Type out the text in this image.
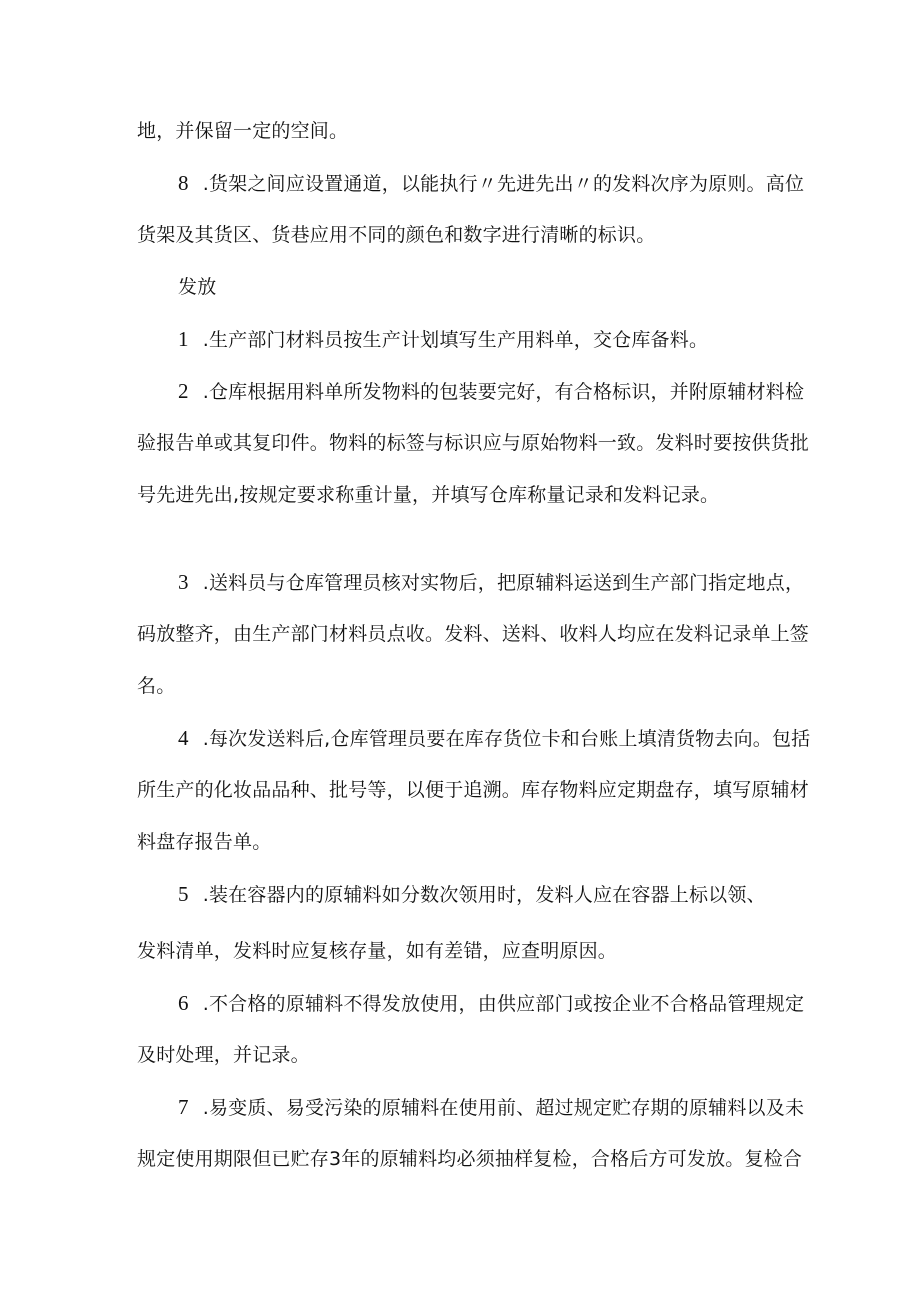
地，并保留一定的空间。
8 .货架之间应设置通道，以能执行〃先进先出〃的发料次序为原则。高位
货架及其货区、货巷应用不同的颜色和数字进行清晰的标识。
发放
1 .生产部门材料员按生产计划填写生产用料单，交仓库备料。
2 .仓库根据用料单所发物料的包装要完好，有合格标识，并附原辅材料检
验报告单或其复印件。物料的标签与标识应与原始物料一致。发料时要按供货批
号先进先出,按规定要求称重计量，并填写仓库称量记录和发料记录。
3 .送料员与仓库管理员核对实物后，把原辅料运送到生产部门指定地点，
码放整齐，由生产部门材料员点收。发料、送料、收料人均应在发料记录单上签
名。
4 .每次发送料后,仓库管理员要在库存货位卡和台账上填清货物去向。包括
所生产的化妆品品种、批号等，以便于追溯。库存物料应定期盘存，填写原辅材
料盘存报告单。
5 .装在容器内的原辅料如分数次领用时，发料人应在容器上标以领、
发料清单，发料时应复核存量，如有差错，应查明原因。
6 .不合格的原辅料不得发放使用，由供应部门或按企业不合格品管理规定
及时处理，并记录。
7 .易变质、易受污染的原辅料在使用前、超过规定贮存期的原辅料以及未
规定使用期限但已贮存3年的原辅料均必须抽样复检，合格后方可发放。复检合
